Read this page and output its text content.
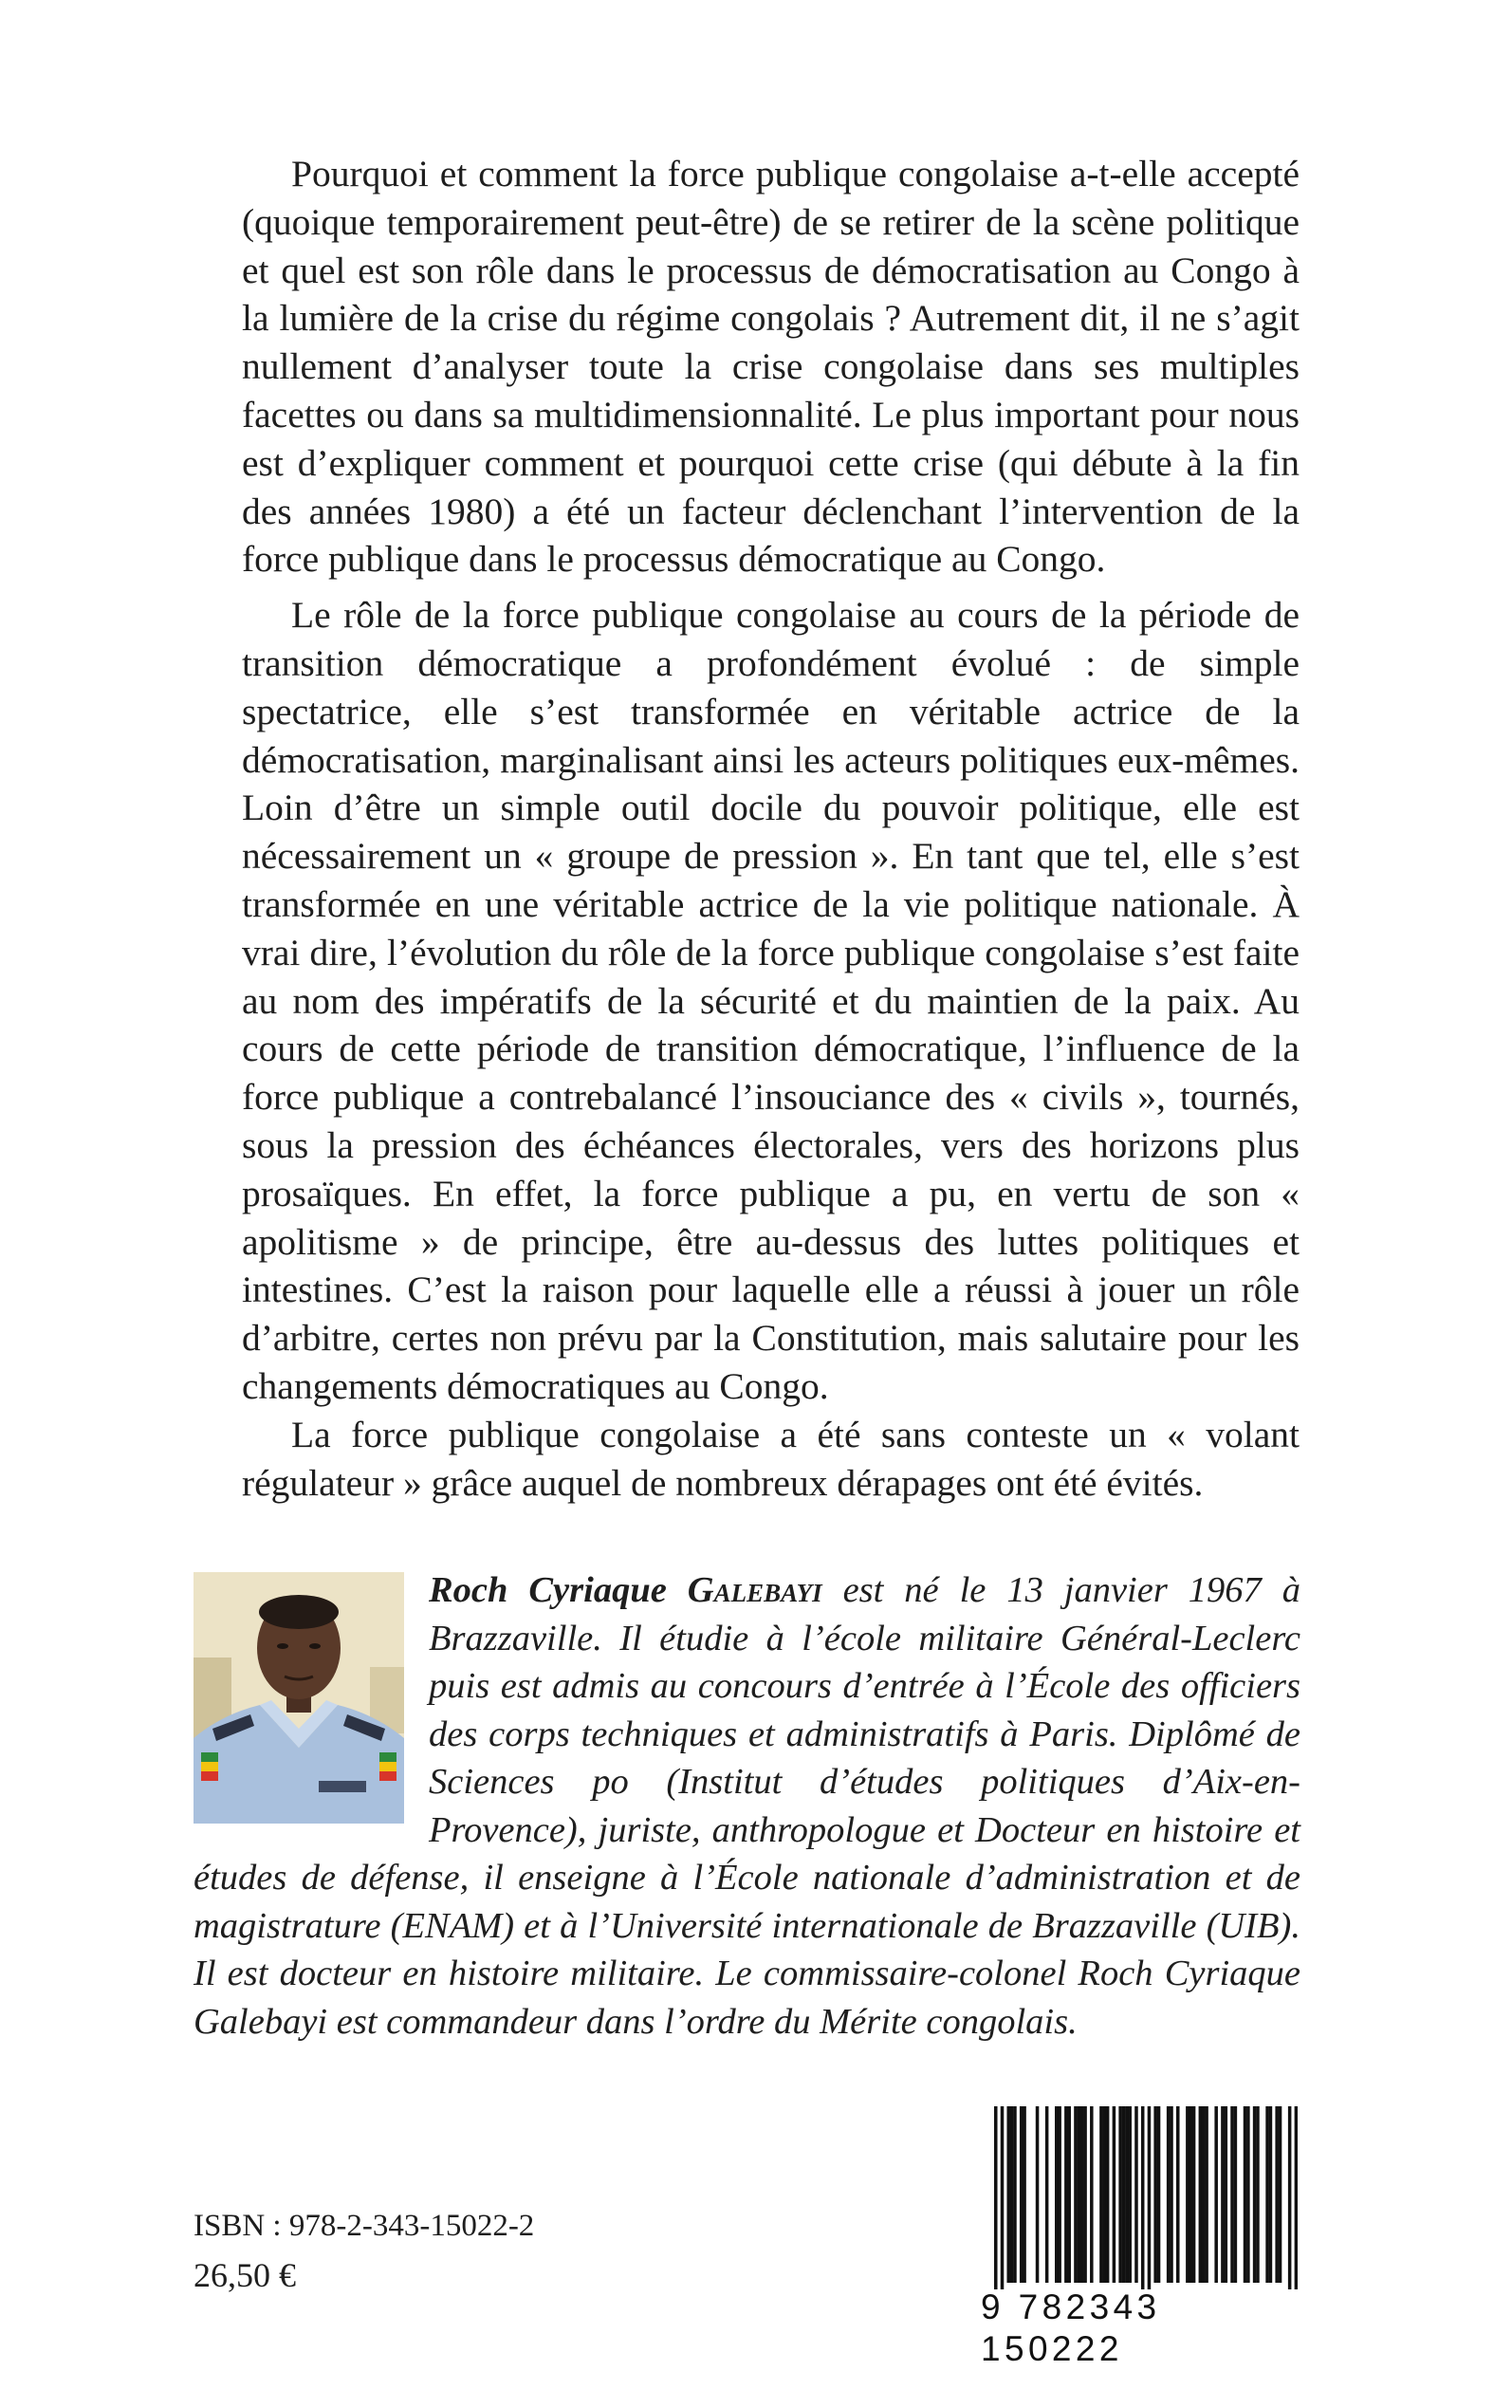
Pourquoi et comment la force publique congolaise a-t-elle accepté (quoique temporairement peut-être) de se retirer de la scène politique et quel est son rôle dans le processus de démocratisation au Congo à la lumière de la crise du régime congolais ? Autrement dit, il ne s’agit nullement d’analyser toute la crise congolaise dans ses multiples facettes ou dans sa multidimensionnalité. Le plus important pour nous est d’expliquer comment et pourquoi cette crise (qui débute à la fin des années 1980) a été un facteur déclenchant l’intervention de la force publique dans le processus démocratique au Congo.

Le rôle de la force publique congolaise au cours de la période de transition démocratique a profondément évolué : de simple spectatrice, elle s’est transformée en véritable actrice de la démocratisation, marginalisant ainsi les acteurs politiques eux-mêmes. Loin d’être un simple outil docile du pouvoir politique, elle est nécessairement un « groupe de pression ». En tant que tel, elle s’est transformée en une véritable actrice de la vie politique nationale. À vrai dire, l’évolution du rôle de la force publique congolaise s’est faite au nom des impératifs de la sécurité et du maintien de la paix. Au cours de cette période de transition démocratique, l’influence de la force publique a contrebalancé l’insouciance des « civils », tournés, sous la pression des échéances électorales, vers des horizons plus prosaïques. En effet, la force publique a pu, en vertu de son « apolitisme » de principe, être au-dessus des luttes politiques et intestines. C’est la raison pour laquelle elle a réussi à jouer un rôle d’arbitre, certes non prévu par la Constitution, mais salutaire pour les changements démocratiques au Congo.

La force publique congolaise a été sans conteste un « volant régulateur » grâce auquel de nombreux dérapages ont été évités.

Roch Cyriaque Galebayi est né le 13 janvier 1967 à Brazzaville. Il étudie à l’école militaire Général-Leclerc puis est admis au concours d’entrée à l’École des officiers des corps techniques et administratifs à Paris. Diplômé de Sciences po (Institut d’études politiques d’Aix-en-Provence), juriste, anthropologue et Docteur en histoire et études de défense, il enseigne à l’École nationale d’administration et de magistrature (ENAM) et à l’Université internationale de Brazzaville (UIB). Il est docteur en histoire militaire. Le commissaire-colonel Roch Cyriaque Galebayi est commandeur dans l’ordre du Mérite congolais.
ISBN : 978-2-343-15022-2
26,50 €
9 782343 150222
